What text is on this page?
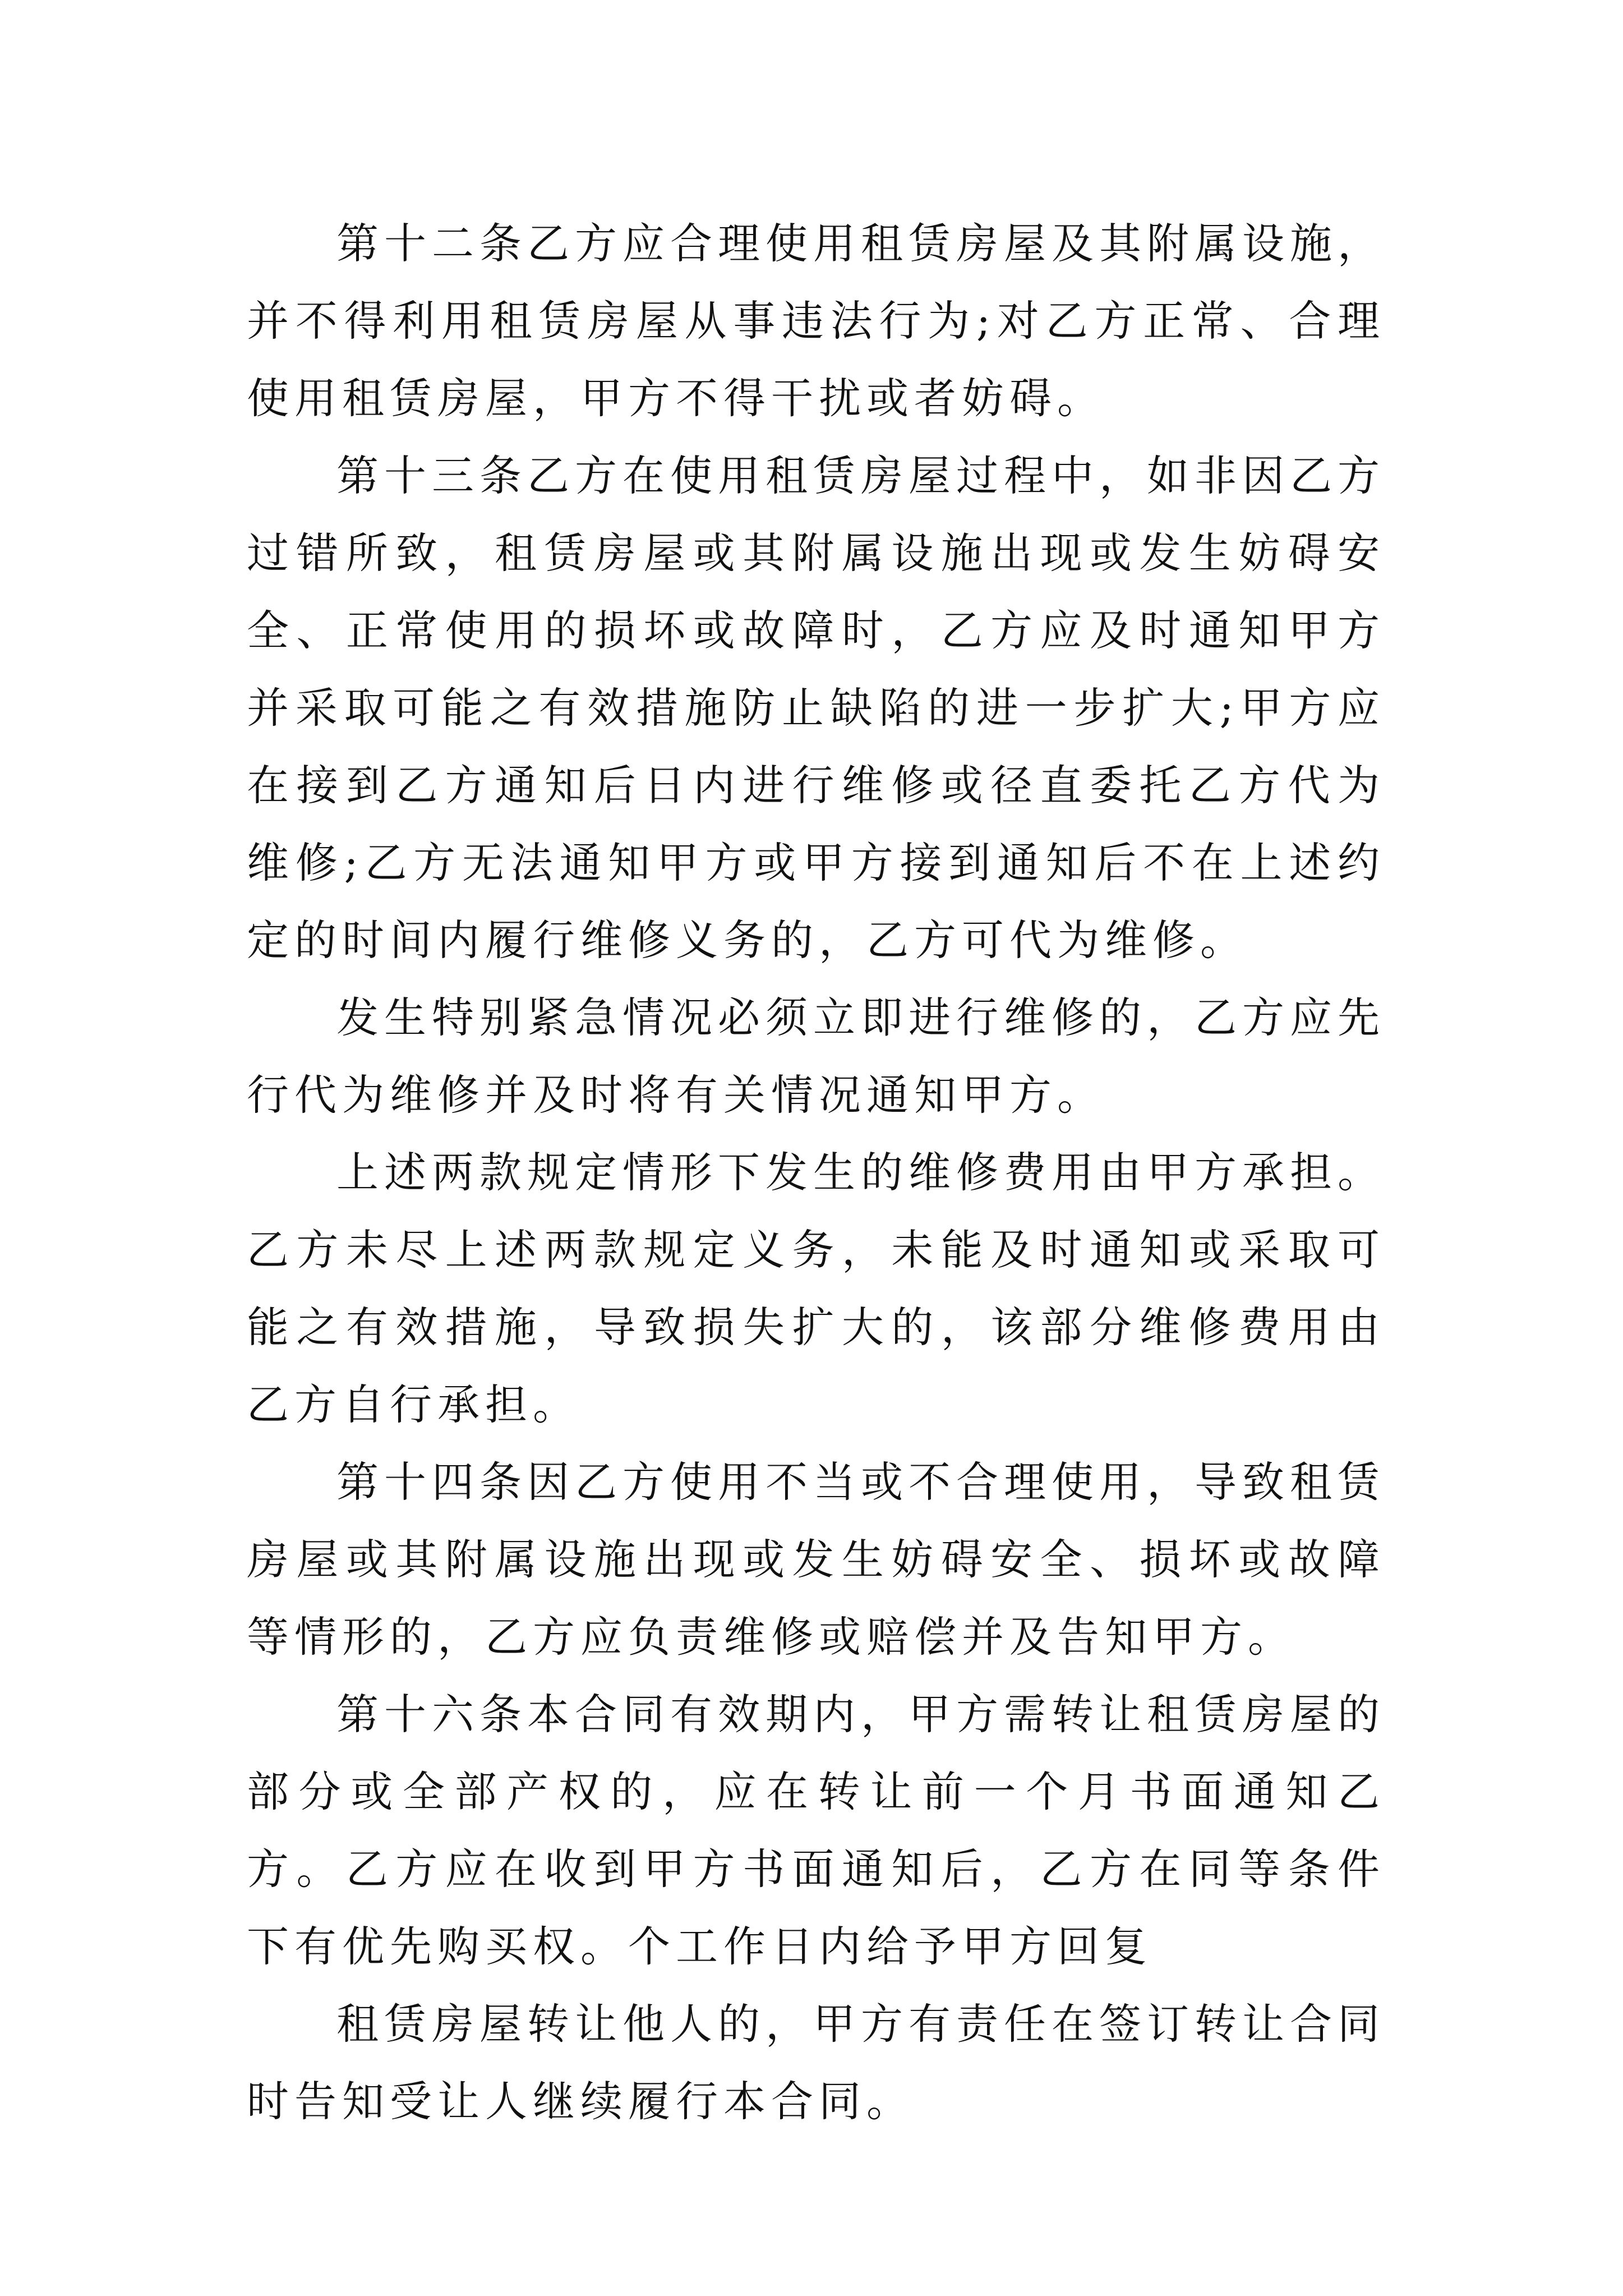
第十二条乙方应合理使用租赁房屋及其附属设施，并不得利用租赁房屋从事违法行为;对乙方正常、合理使用租赁房屋，甲方不得干扰或者妨碍。

第十三条乙方在使用租赁房屋过程中，如非因乙方过错所致，租赁房屋或其附属设施出现或发生妨碍安全、正常使用的损坏或故障时，乙方应及时通知甲方并采取可能之有效措施防止缺陷的进一步扩大;甲方应在接到乙方通知后日内进行维修或径直委托乙方代为维修;乙方无法通知甲方或甲方接到通知后不在上述约定的时间内履行维修义务的，乙方可代为维修。

发生特别紧急情况必须立即进行维修的，乙方应先行代为维修并及时将有关情况通知甲方。

上述两款规定情形下发生的维修费用由甲方承担。乙方未尽上述两款规定义务，未能及时通知或采取可能之有效措施，导致损失扩大的，该部分维修费用由乙方自行承担。

第十四条因乙方使用不当或不合理使用，导致租赁房屋或其附属设施出现或发生妨碍安全、损坏或故障等情形的，乙方应负责维修或赔偿并及告知甲方。

第十六条本合同有效期内，甲方需转让租赁房屋的部分或全部产权的，应在转让前一个月书面通知乙方。乙方应在收到甲方书面通知后，乙方在同等条件下有优先购买权。个工作日内给予甲方回复

租赁房屋转让他人的，甲方有责任在签订转让合同时告知受让人继续履行本合同。
